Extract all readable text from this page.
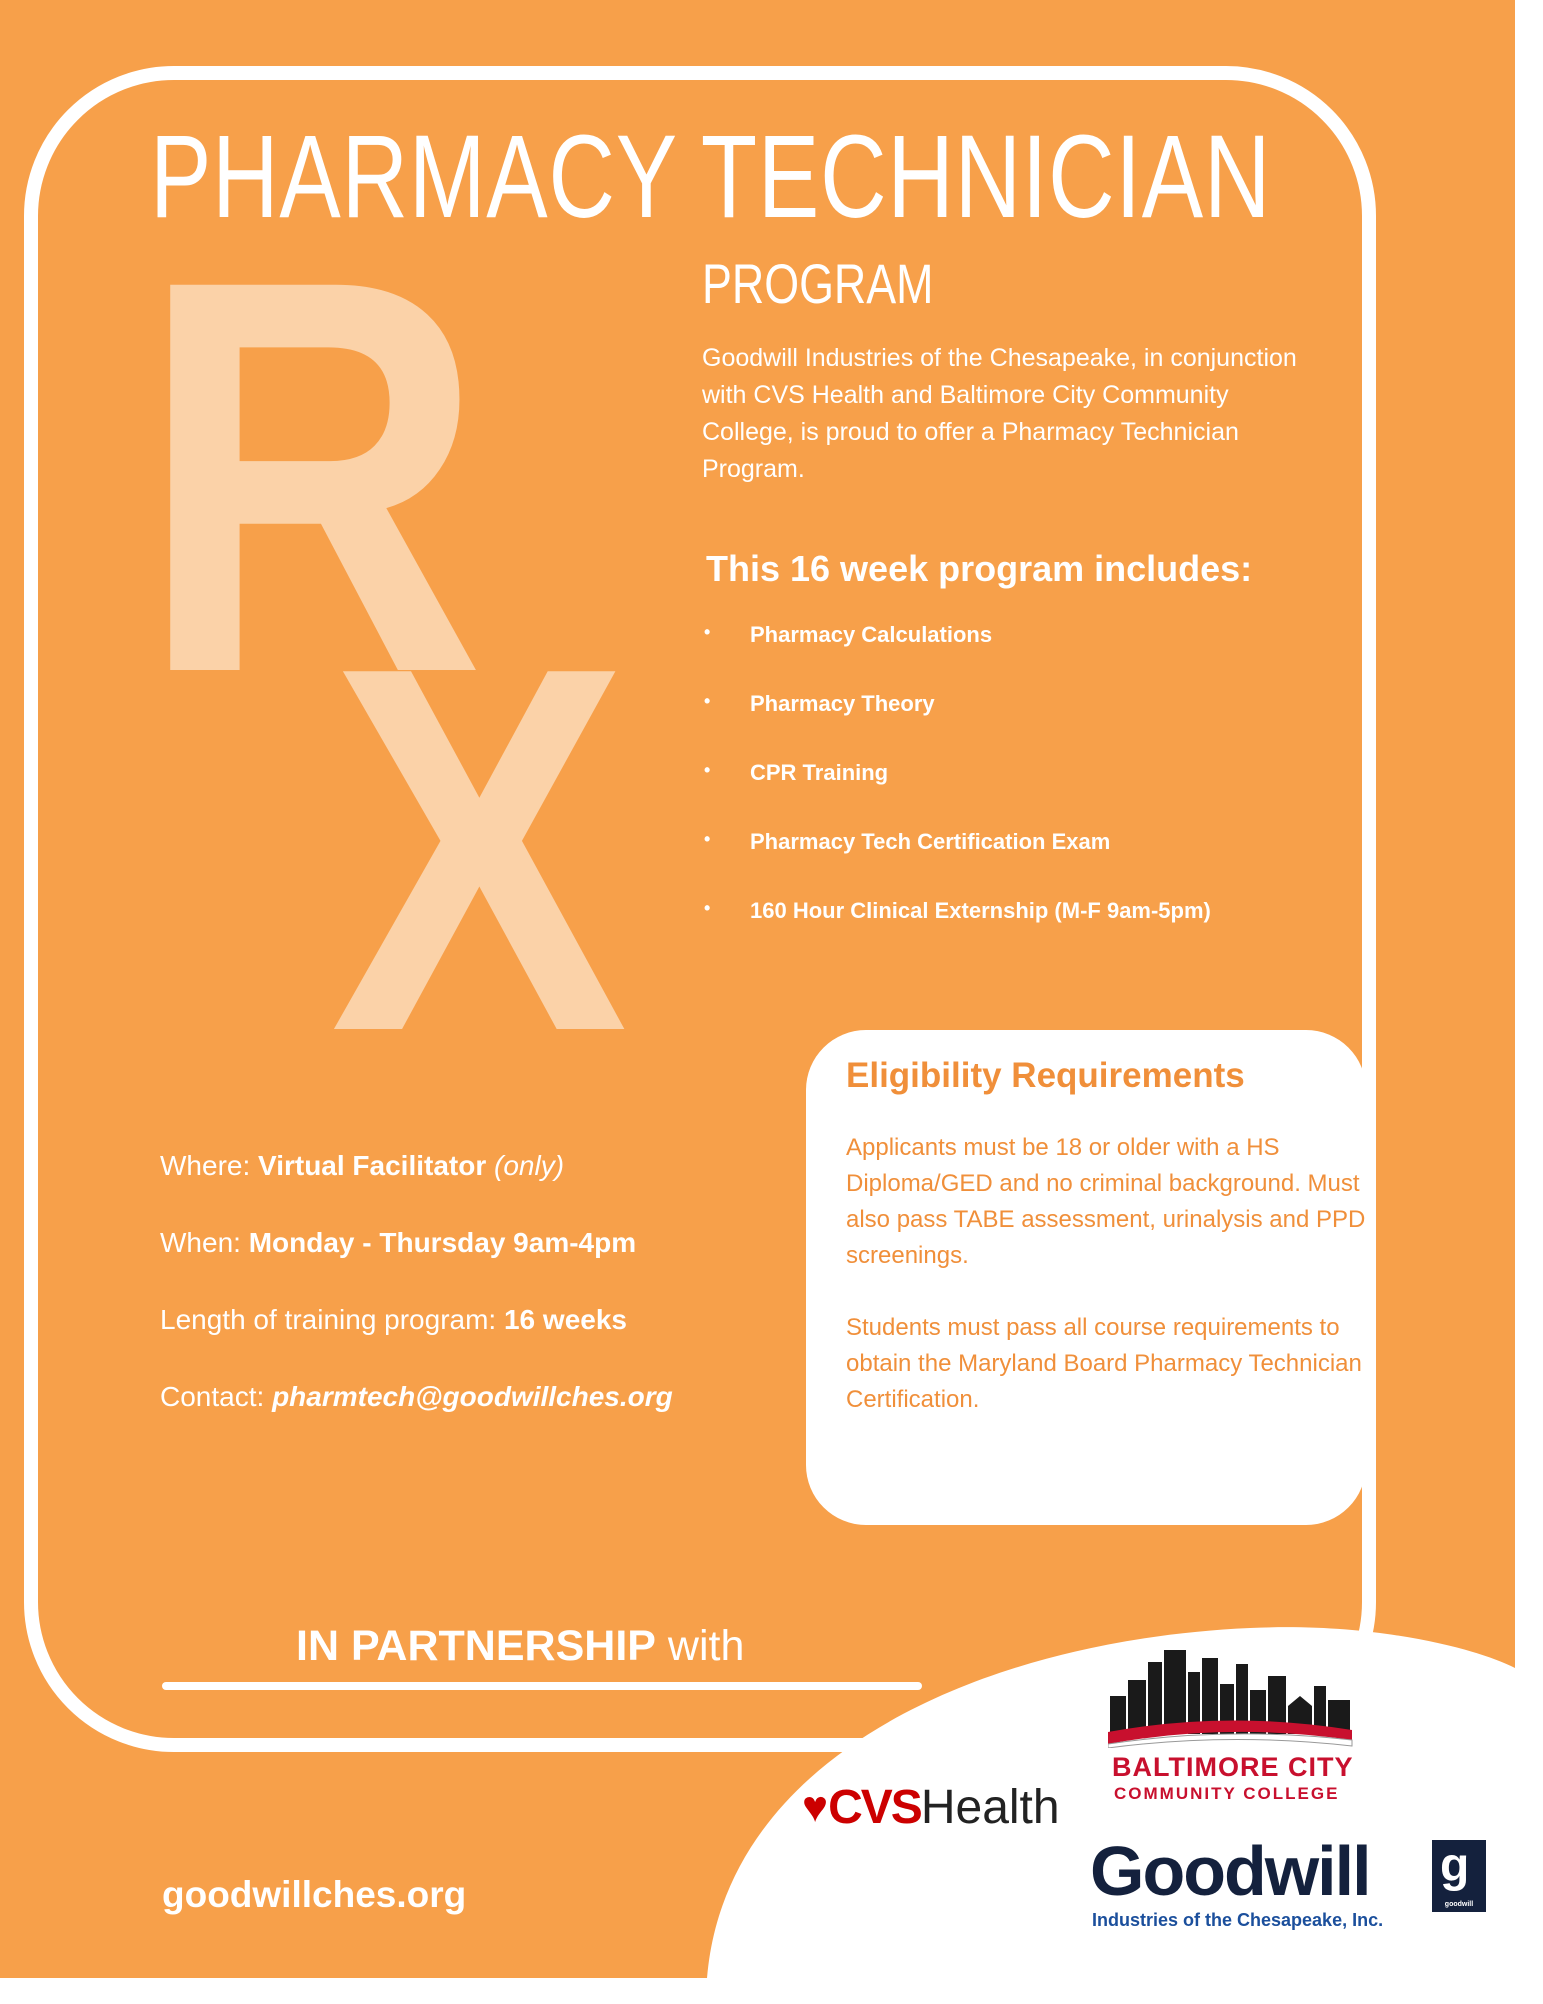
R
X
PHARMACY TECHNICIAN
PROGRAM
Goodwill Industries of the Chesapeake, in conjunction with CVS Health and Baltimore City Community College, is proud to offer a Pharmacy Technician Program.
This 16 week program includes:
• Pharmacy Calculations
• Pharmacy Theory
• CPR Training
• Pharmacy Tech Certification Exam
• 160 Hour Clinical Externship (M-F 9am-5pm)
Where: Virtual Facilitator (only)
When: Monday - Thursday 9am-4pm
Length of training program: 16 weeks
Contact: pharmtech@goodwillches.org
Eligibility Requirements
Applicants must be 18 or older with a HS Diploma/GED and no criminal background. Must also pass TABE assessment, urinalysis and PPD screenings.
Students must pass all course requirements to obtain the Maryland Board Pharmacy Technician Certification.
IN PARTNERSHIP with
goodwillches.org
♥CVSHealth
BALTIMORE CITY
COMMUNITY COLLEGE
Goodwill g
goodwill
Industries of the Chesapeake, Inc.
